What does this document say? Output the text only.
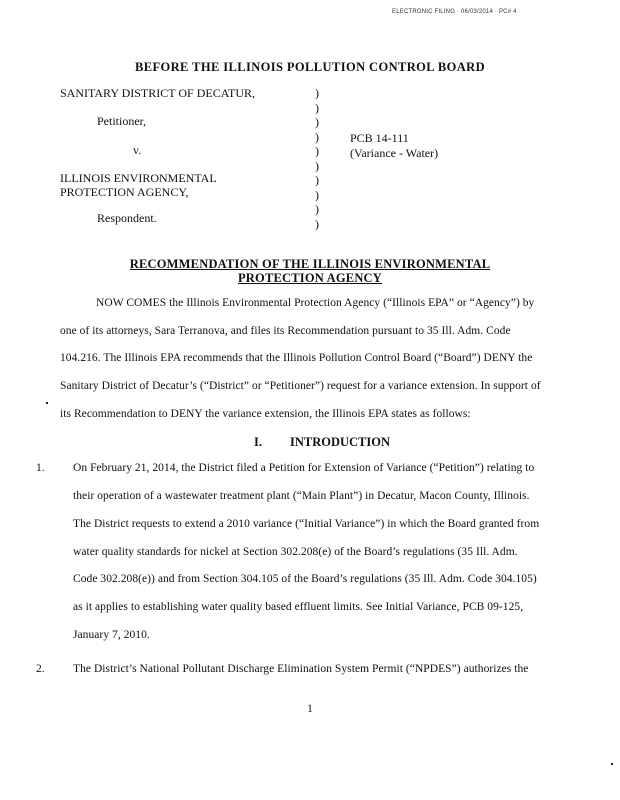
ELECTRONIC FILING · 06/03/2014 · PC# 4
BEFORE THE ILLINOIS POLLUTION CONTROL BOARD
SANITARY DISTRICT OF DECATUR,
Petitioner,
v.
ILLINOIS ENVIRONMENTAL
PROTECTION AGENCY,
Respondent.
)
)
)
)
)
)
)
)
)
)
PCB 14-111
(Variance - Water)
RECOMMENDATION OF THE ILLINOIS ENVIRONMENTAL
PROTECTION AGENCY
NOW COMES the Illinois Environmental Protection Agency (“Illinois EPA” or “Agency”) by
one of its attorneys, Sara Terranova, and files its Recommendation pursuant to 35 Ill. Adm. Code
104.216. The Illinois EPA recommends that the Illinois Pollution Control Board (“Board”) DENY the
Sanitary District of Decatur’s (“District” or “Petitioner”) request for a variance extension. In support of
its Recommendation to DENY the variance extension, the Illinois EPA states as follows:
I. INTRODUCTION
1. On February 21, 2014, the District filed a Petition for Extension of Variance (“Petition”) relating to
their operation of a wastewater treatment plant (“Main Plant”) in Decatur, Macon County, Illinois.
The District requests to extend a 2010 variance (“Initial Variance”) in which the Board granted from
water quality standards for nickel at Section 302.208(e) of the Board’s regulations (35 Ill. Adm.
Code 302.208(e)) and from Section 304.105 of the Board’s regulations (35 Ill. Adm. Code 304.105)
as it applies to establishing water quality based effluent limits. See Initial Variance, PCB 09-125,
January 7, 2010.
2. The District’s National Pollutant Discharge Elimination System Permit (“NPDES”) authorizes the
1
